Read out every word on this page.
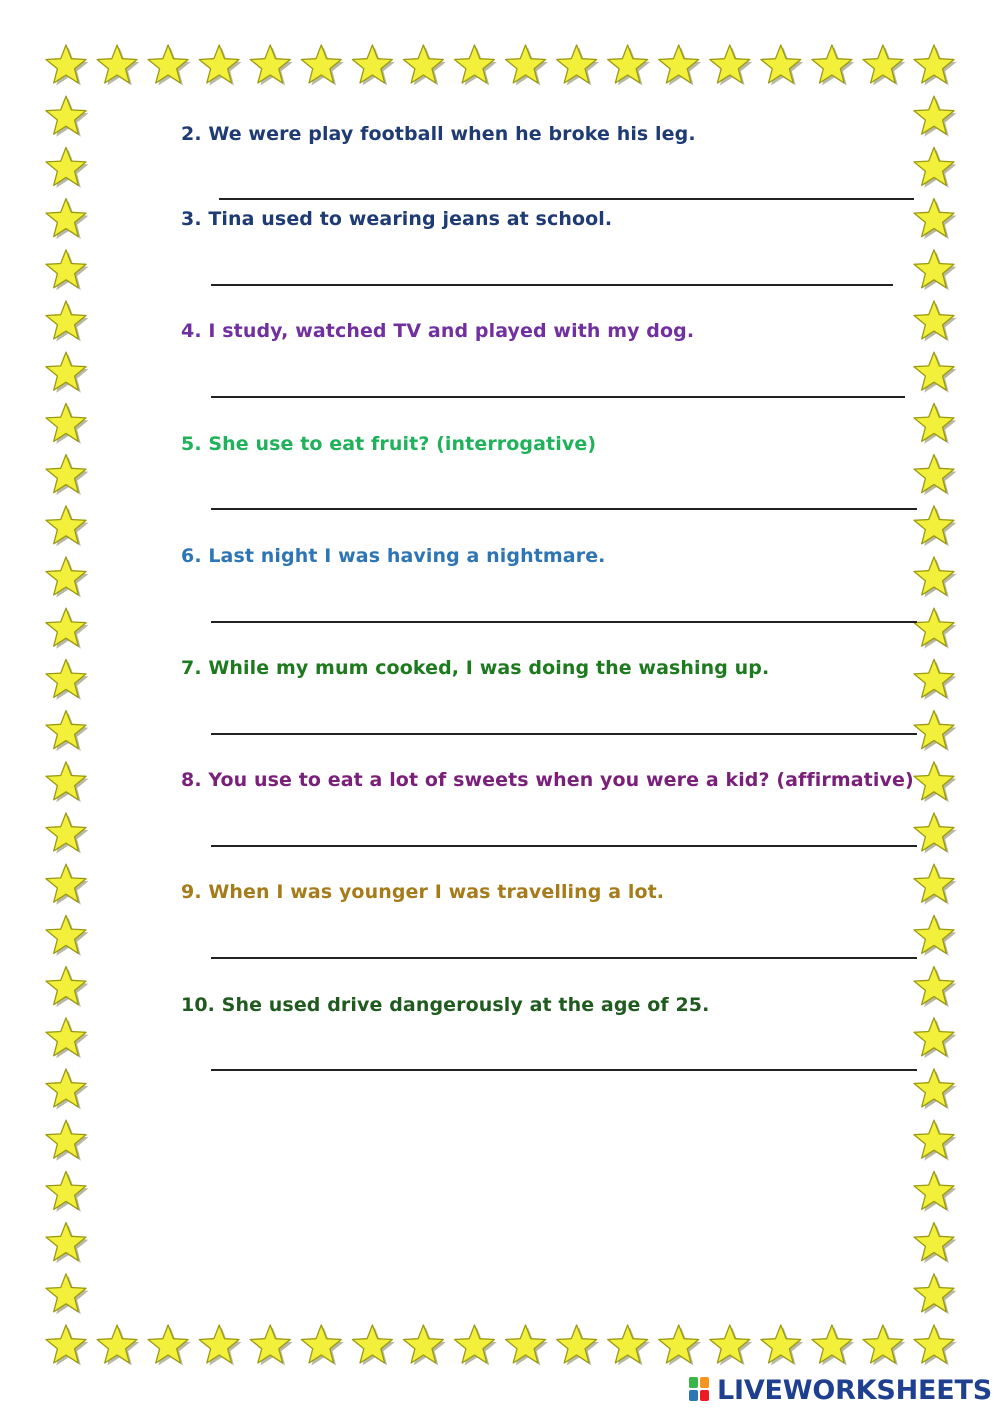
2. We were play football when he broke his leg.

3. Tina used to wearing jeans at school.

4. I study, watched TV and played with my dog.

5. She use to eat fruit? (interrogative)

6. Last night I was having a nightmare.

7. While my mum cooked, I was doing the washing up.

8. You use to eat a lot of sweets when you were a kid? (affirmative)

9. When I was younger I was travelling a lot.

10. She used drive dangerously at the age of 25.

LIVEWORKSHEETS
